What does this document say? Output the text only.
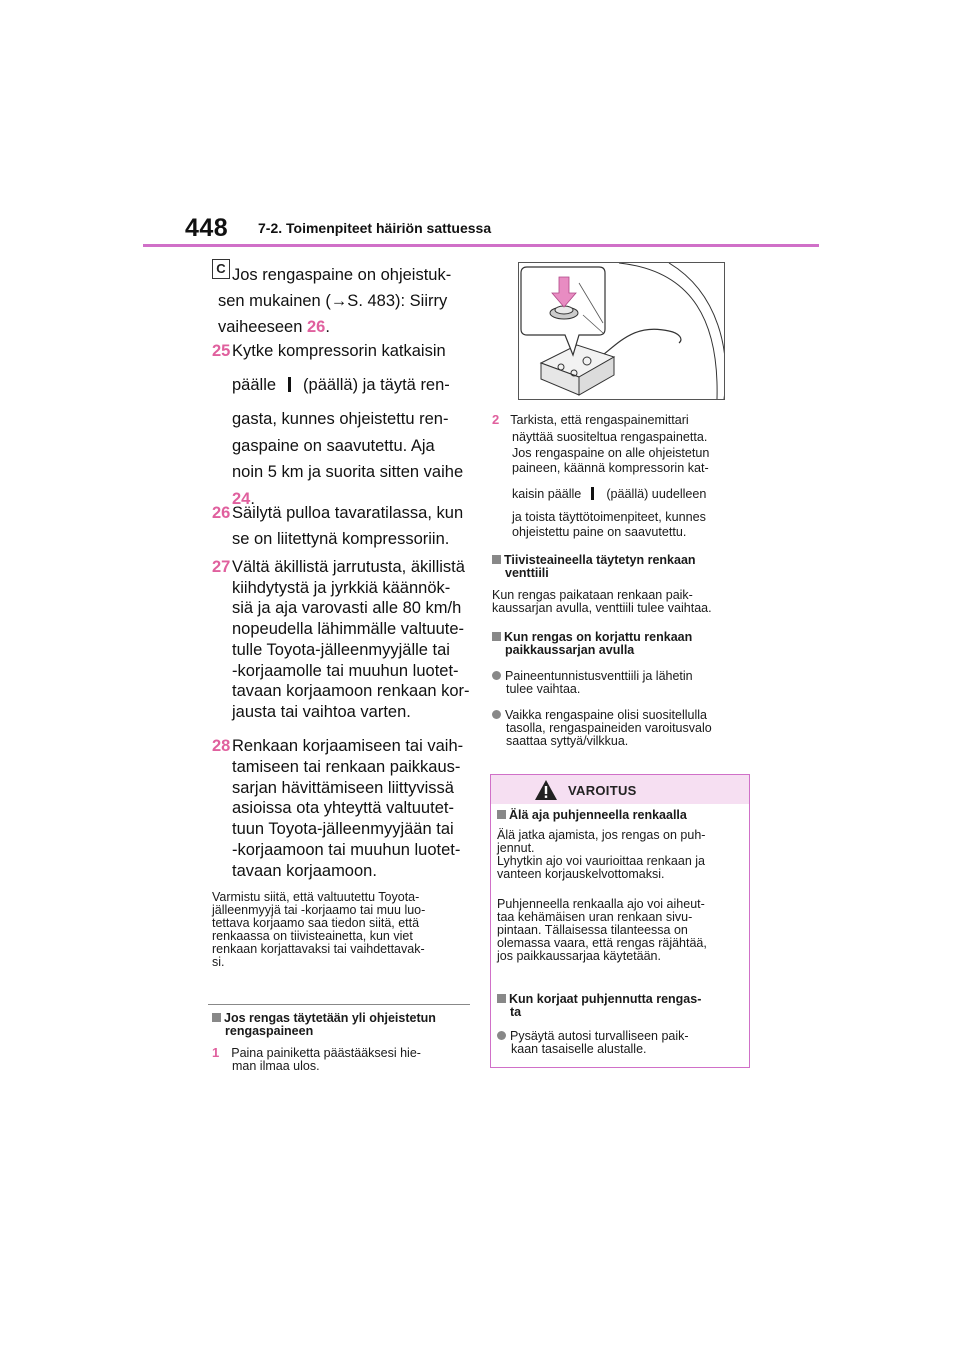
448 7-2. Toimenpiteet häiriön sattuessa
C Jos rengaspaine on ohjeistuk-
sen mukainen (→S. 483): Siirry
vaiheeseen 26.
25 Kytke kompressorin katkaisin
päälle (päällä) ja täytä ren-
gasta, kunnes ohjeistettu ren-
gaspaine on saavutettu. Aja
noin 5 km ja suorita sitten vaihe
24.
26 Säilytä pulloa tavaratilassa, kun
se on liitettynä kompressoriin.
27 Vältä äkillistä jarrutusta, äkillistä
kiihdytystä ja jyrkkiä käännök-
siä ja aja varovasti alle 80 km/h
nopeudella lähimmälle valtuute-
tulle Toyota-jälleenmyyjälle tai
-korjaamolle tai muuhun luotet-
tavaan korjaamoon renkaan kor-
jausta tai vaihtoa varten.
28 Renkaan korjaamiseen tai vaih-
tamiseen tai renkaan paikkaus-
sarjan hävittämiseen liittyvissä
asioissa ota yhteyttä valtuutet-
tuun Toyota-jälleenmyyjään tai
-korjaamoon tai muuhun luotet-
tavaan korjaamoon.
Varmistu siitä, että valtuutettu Toyota-
jälleenmyyjä tai -korjaamo tai muu luo-
tettava korjaamo saa tiedon siitä, että
renkaassa on tiivisteainetta, kun viet
renkaan korjattavaksi tai vaihdettavak-
si.
Jos rengas täytetään yli ohjeistetun
rengaspaineen
1 Paina painiketta päästääksesi hie-
man ilmaa ulos.
2 Tarkista, että rengaspainemittari
näyttää suositeltua rengaspainetta.
Jos rengaspaine on alle ohjeistetun
paineen, käännä kompressorin kat-
kaisin päälle (päällä) uudelleen
ja toista täyttötoimenpiteet, kunnes
ohjeistettu paine on saavutettu.
Tiivisteaineella täytetyn renkaan
venttiili
Kun rengas paikataan renkaan paik-
kaussarjan avulla, venttiili tulee vaihtaa.
Kun rengas on korjattu renkaan
paikkaussarjan avulla
Paineentunnistusventtiili ja lähetin
tulee vaihtaa.
Vaikka rengaspaine olisi suositellulla
tasolla, rengaspaineiden varoitusvalo
saattaa syttyä/vilkkua.
VAROITUS
Älä aja puhjenneella renkaalla
Älä jatka ajamista, jos rengas on puh-
jennut.
Lyhytkin ajo voi vaurioittaa renkaan ja
vanteen korjauskelvottomaksi.
Puhjenneella renkaalla ajo voi aiheut-
taa kehämäisen uran renkaan sivu-
pintaan. Tällaisessa tilanteessa on
olemassa vaara, että rengas räjähtää,
jos paikkaussarjaa käytetään.
Kun korjaat puhjennutta rengas-
ta
Pysäytä autosi turvalliseen paik-
kaan tasaiselle alustalle.
